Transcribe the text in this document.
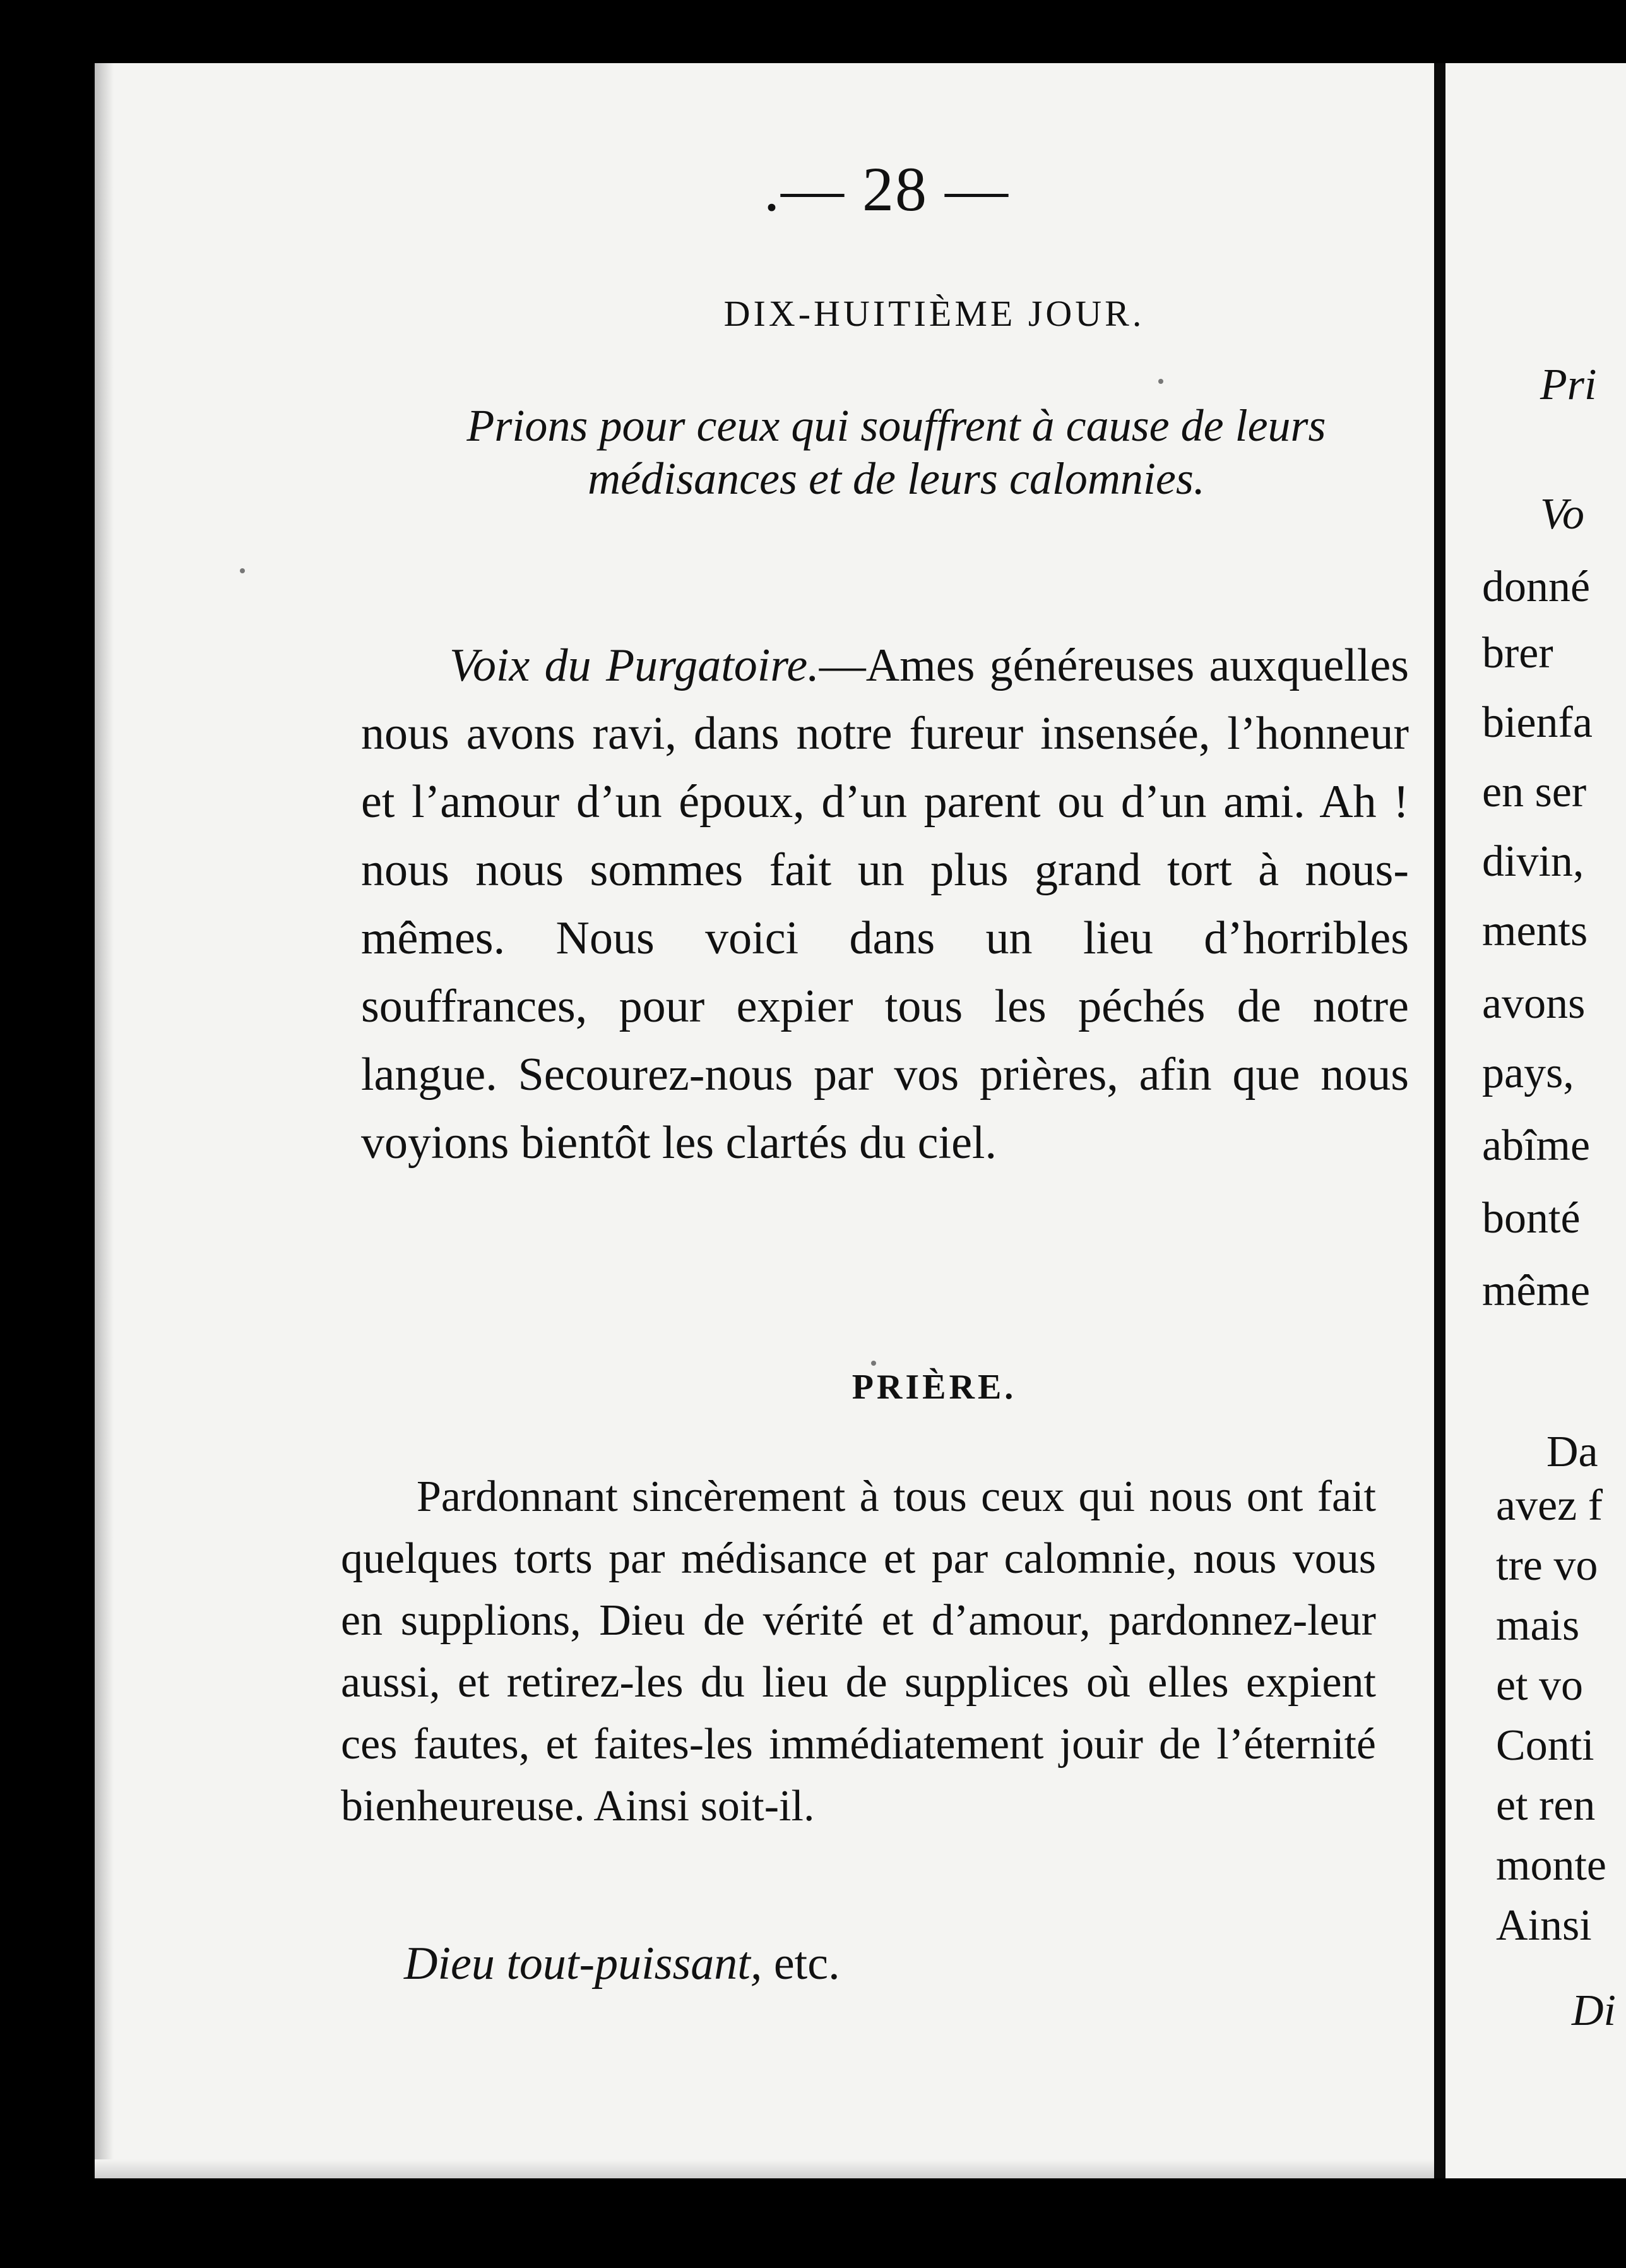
Pri
Vo
donné
brer
bienfa
en ser
divin,
ments
avons
pays,
abîme
bonté
même
Da
avez f
tre vo
mais
et vo
Conti
et ren
monte
Ainsi
Di
.— 28 —
DIX-HUITIÈME JOUR.
Prions pour ceux qui souffrent à cause de leurs médisances et de leurs calomnies.
Voix du Purgatoire.—Ames généreuses auxquelles nous avons ravi, dans notre fureur insensée, l’honneur et l’amour d’un époux, d’un parent ou d’un ami. Ah ! nous nous sommes fait un plus grand tort à nous-mêmes. Nous voici dans un lieu d’horribles souffrances, pour expier tous les péchés de notre langue. Secourez-nous par vos prières, afin que nous voyions bientôt les clartés du ciel.
PRIÈRE.
Pardonnant sincèrement à tous ceux qui nous ont fait quelques torts par médisance et par calomnie, nous vous en supplions, Dieu de vérité et d’amour, pardonnez-leur aussi, et retirez-les du lieu de supplices où elles expient ces fautes, et faites-les immédiatement jouir de l’éternité bienheureuse. Ainsi soit-il.
Dieu tout-puissant, etc.
